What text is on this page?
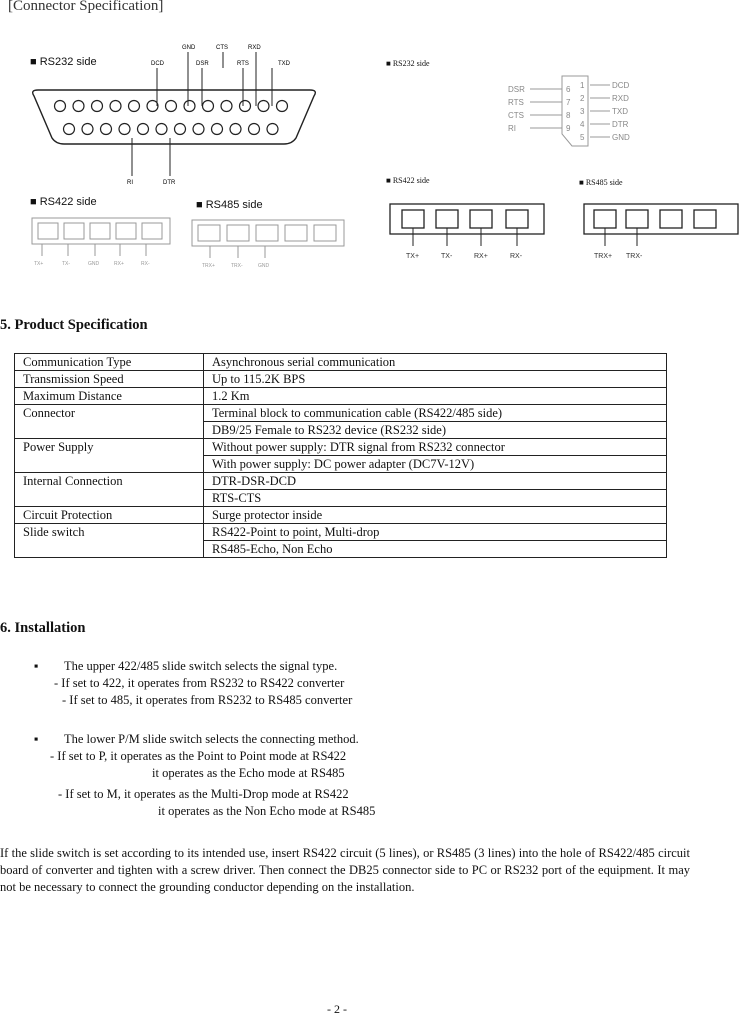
[Connector Specification]
■ RS232 side
GND	CTS	RXD
DCD	DSR	RTS	TXD
RI	DTR
■ RS422 side	■ RS485 side
TX+	TX-	GND	RX+	RX-	TRX+	TRX-	GND
■ RS232 side
DSR
RTS
CTS
RI
DCD
RXD
TXD
DTR
GND
6
7
8
9
1
2
3
4
5
■ RS422 side	■ RS485 side
TX+	TX-	RX+	RX-	TRX+ TRX-
5. Product Specification
Communication Type	Asynchronous serial communication
Transmission Speed	Up to 115.2K BPS
Maximum Distance	1.2 Km
Connector	Terminal block to communication cable (RS422/485 side)
	DB9/25 Female to RS232 device (RS232 side)
Power Supply	Without power supply: DTR signal from RS232 connector
	With power supply: DC power adapter (DC7V-12V)
Internal Connection	DTR-DSR-DCD
	RTS-CTS
Circuit Protection	Surge protector inside
Slide switch	RS422-Point to point, Multi-drop
	RS485-Echo, Non Echo
6. Installation
▪ The upper 422/485 slide switch selects the signal type.
- If set to 422, it operates from RS232 to RS422 converter
- If set to 485, it operates from RS232 to RS485 converter
▪ The lower P/M slide switch selects the connecting method.
- If set to P, it operates as the Point to Point mode at RS422
it operates as the Echo mode at RS485
- If set to M, it operates as the Multi-Drop mode at RS422
it operates as the Non Echo mode at RS485
If the slide switch is set according to its intended use, insert RS422 circuit (5 lines), or RS485 (3 lines) into the hole of RS422/485 circuit board of converter and tighten with a screw driver. Then connect the DB25 connector side to PC or RS232 port of the equipment. It may not be necessary to connect the grounding conductor depending on the installation.
- 2 -
